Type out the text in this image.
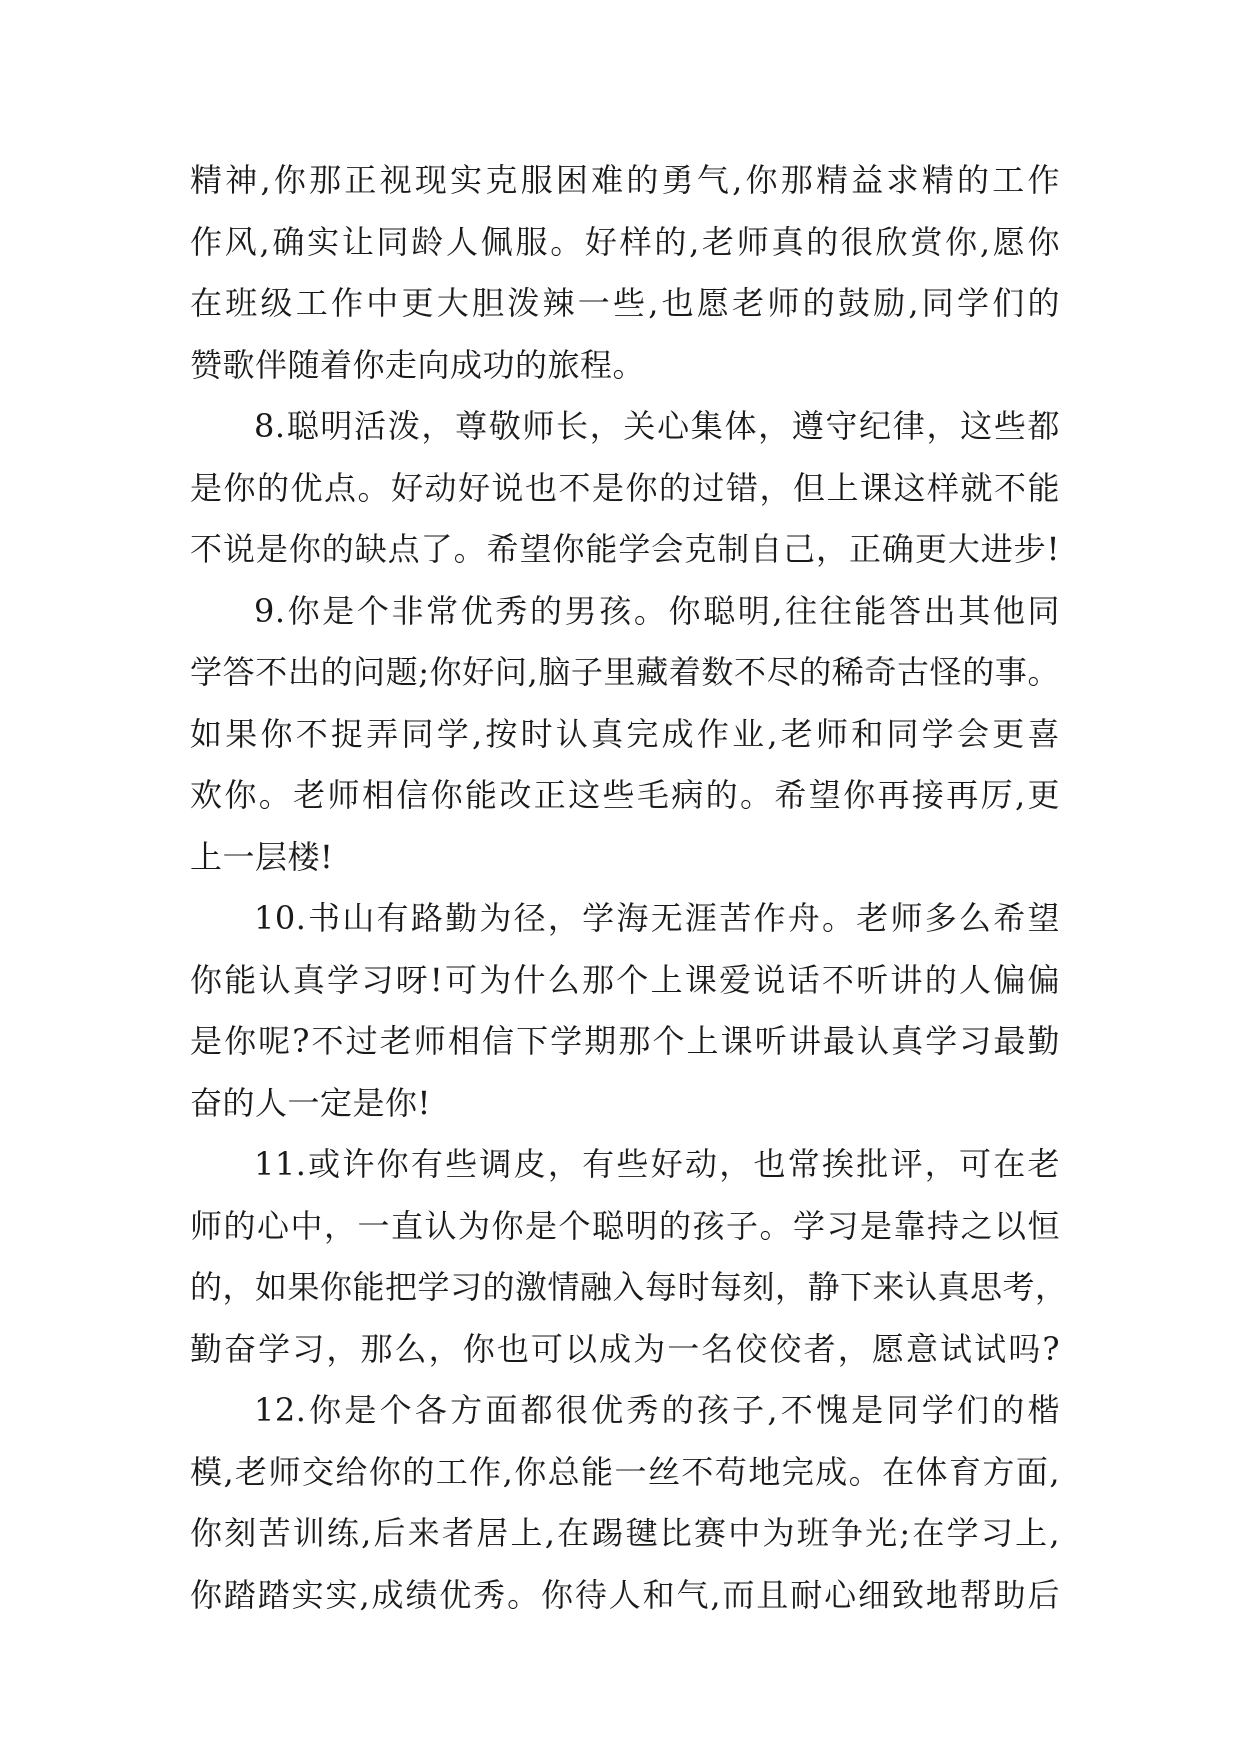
精神,你那正视现实克服困难的勇气,你那精益求精的工作
作风,确实让同龄人佩服。好样的,老师真的很欣赏你,愿你
在班级工作中更大胆泼辣一些,也愿老师的鼓励,同学们的
赞歌伴随着你走向成功的旅程。
8.聪明活泼，尊敬师长，关心集体，遵守纪律，这些都
是你的优点。好动好说也不是你的过错，但上课这样就不能
不说是你的缺点了。希望你能学会克制自己，正确更大进步!
9.你是个非常优秀的男孩。你聪明,往往能答出其他同
学答不出的问题;你好问,脑子里藏着数不尽的稀奇古怪的事。
如果你不捉弄同学,按时认真完成作业,老师和同学会更喜
欢你。老师相信你能改正这些毛病的。希望你再接再厉,更
上一层楼!
10.书山有路勤为径，学海无涯苦作舟。老师多么希望
你能认真学习呀!可为什么那个上课爱说话不听讲的人偏偏
是你呢?不过老师相信下学期那个上课听讲最认真学习最勤
奋的人一定是你!
11.或许你有些调皮，有些好动，也常挨批评，可在老
师的心中，一直认为你是个聪明的孩子。学习是靠持之以恒
的，如果你能把学习的激情融入每时每刻，静下来认真思考，
勤奋学习，那么，你也可以成为一名佼佼者，愿意试试吗?
12.你是个各方面都很优秀的孩子,不愧是同学们的楷
模,老师交给你的工作,你总能一丝不苟地完成。在体育方面,
你刻苦训练,后来者居上,在踢毽比赛中为班争光;在学习上,
你踏踏实实,成绩优秀。你待人和气,而且耐心细致地帮助后
